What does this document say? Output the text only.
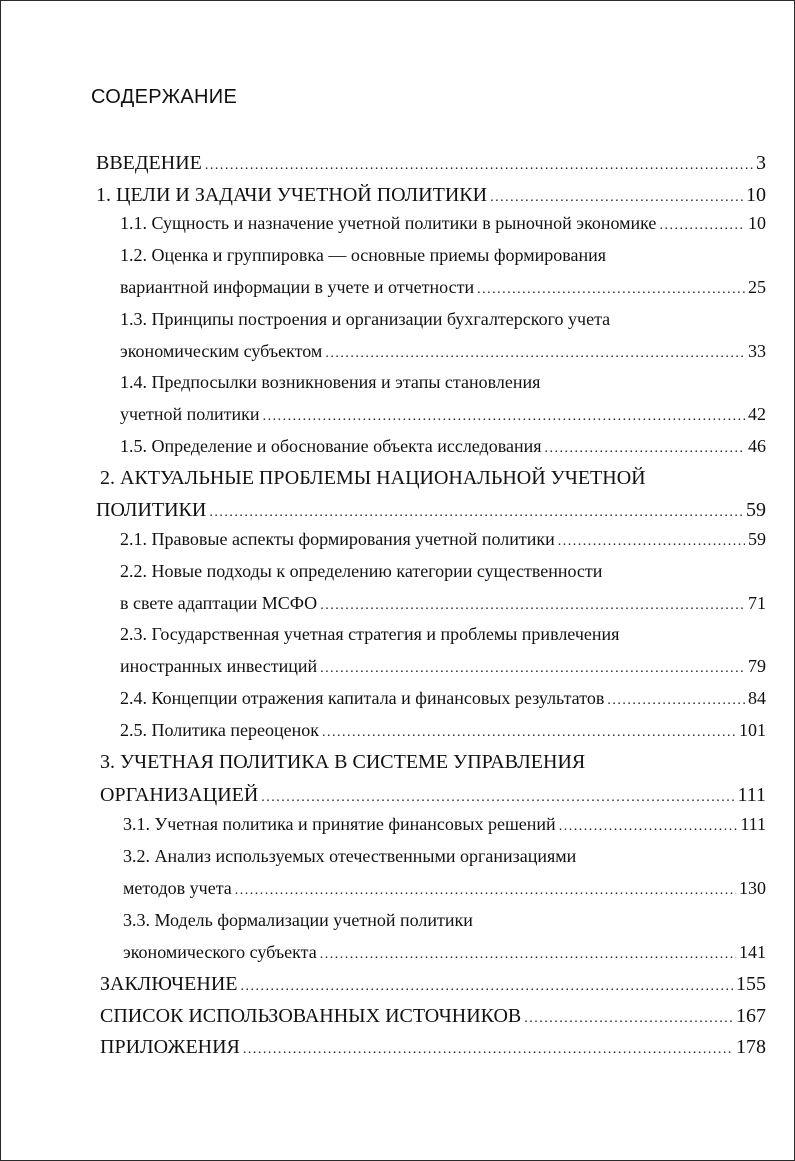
СОДЕРЖАНИЕ
ВВЕДЕНИЕ .....	3
1. ЦЕЛИ И ЗАДАЧИ УЧЕТНОЙ ПОЛИТИКИ .....	10
1.1. Сущность и назначение учетной политики в рыночной экономике .....	10
1.2. Оценка и группировка — основные приемы формирования
вариантной информации в учете и отчетности .....	25
1.3. Принципы построения и организации бухгалтерского учета
экономическим субъектом .....	33
1.4. Предпосылки возникновения и этапы становления
учетной политики .....	42
1.5. Определение и обоснование объекта исследования .....	46
2. АКТУАЛЬНЫЕ ПРОБЛЕМЫ НАЦИОНАЛЬНОЙ УЧЕТНОЙ
ПОЛИТИКИ .....	59
2.1. Правовые аспекты формирования учетной политики .....	59
2.2. Новые подходы к определению категории существенности
в свете адаптации МСФО .....	71
2.3. Государственная учетная стратегия и проблемы привлечения
иностранных инвестиций .....	79
2.4. Концепции отражения капитала и финансовых результатов .....	84
2.5. Политика переоценок .....	101
3. УЧЕТНАЯ ПОЛИТИКА В СИСТЕМЕ УПРАВЛЕНИЯ
ОРГАНИЗАЦИЕЙ .....	111
3.1. Учетная политика и принятие финансовых решений .....	111
3.2. Анализ используемых отечественными организациями
методов учета .....	130
3.3. Модель формализации учетной политики
экономического субъекта .....	141
ЗАКЛЮЧЕНИЕ .....	155
СПИСОК ИСПОЛЬЗОВАННЫХ ИСТОЧНИКОВ .....	167
ПРИЛОЖЕНИЯ .....	178
